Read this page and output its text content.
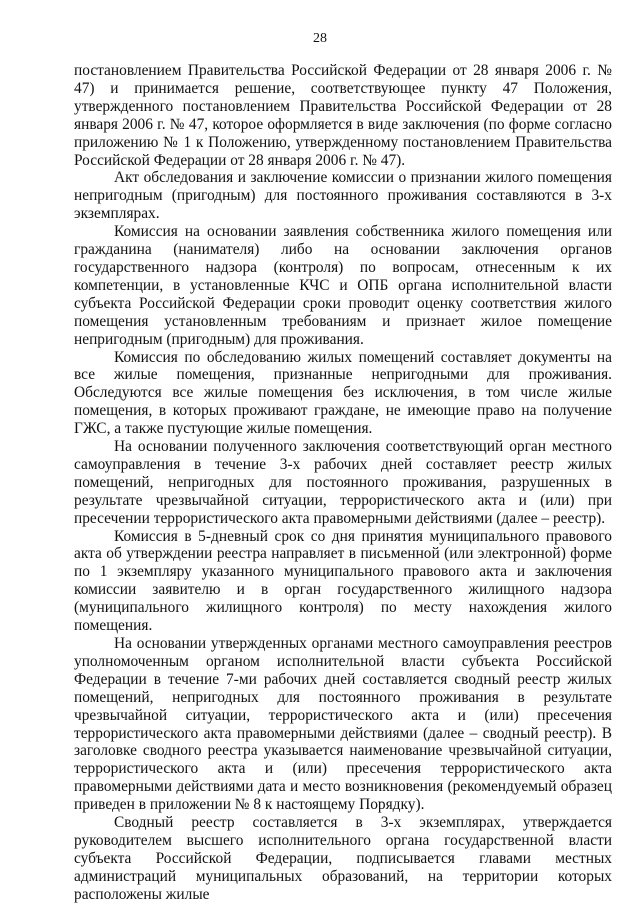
28

постановлением Правительства Российской Федерации от 28 января 2006 г. № 47) и принимается решение, соответствующее пункту 47 Положения, утвержденного постановлением Правительства Российской Федерации от 28 января 2006 г. № 47, которое оформляется в виде заключения (по форме согласно приложению № 1 к Положению, утвержденному постановлением Правительства Российской Федерации от 28 января 2006 г. № 47).

Акт обследования и заключение комиссии о признании жилого помещения непригодным (пригодным) для постоянного проживания составляются в 3-х экземплярах.

Комиссия на основании заявления собственника жилого помещения или гражданина (нанимателя) либо на основании заключения органов государственного надзора (контроля) по вопросам, отнесенным к их компетенции, в установленные КЧС и ОПБ органа исполнительной власти субъекта Российской Федерации сроки проводит оценку соответствия жилого помещения установленным требованиям и признает жилое помещение непригодным (пригодным) для проживания.

Комиссия по обследованию жилых помещений составляет документы на все жилые помещения, признанные непригодными для проживания. Обследуются все жилые помещения без исключения, в том числе жилые помещения, в которых проживают граждане, не имеющие право на получение ГЖС, а также пустующие жилые помещения.

На основании полученного заключения соответствующий орган местного самоуправления в течение 3-х рабочих дней составляет реестр жилых помещений, непригодных для постоянного проживания, разрушенных в результате чрезвычайной ситуации, террористического акта и (или) при пресечении террористического акта правомерными действиями (далее – реестр).

Комиссия в 5-дневный срок со дня принятия муниципального правового акта об утверждении реестра направляет в письменной (или электронной) форме по 1 экземпляру указанного муниципального правового акта и заключения комиссии заявителю и в орган государственного жилищного надзора (муниципального жилищного контроля) по месту нахождения жилого помещения.

На основании утвержденных органами местного самоуправления реестров уполномоченным органом исполнительной власти субъекта Российской Федерации в течение 7-ми рабочих дней составляется сводный реестр жилых помещений, непригодных для постоянного проживания в результате чрезвычайной ситуации, террористического акта и (или) пресечения террористического акта правомерными действиями (далее – сводный реестр). В заголовке сводного реестра указывается наименование чрезвычайной ситуации, террористического акта и (или) пресечения террористического акта правомерными действиями дата и место возникновения (рекомендуемый образец приведен в приложении № 8 к настоящему Порядку).

Сводный реестр составляется в 3-х экземплярах, утверждается руководителем высшего исполнительного органа государственной власти субъекта Российской Федерации, подписывается главами местных администраций муниципальных образований, на территории которых расположены жилые
